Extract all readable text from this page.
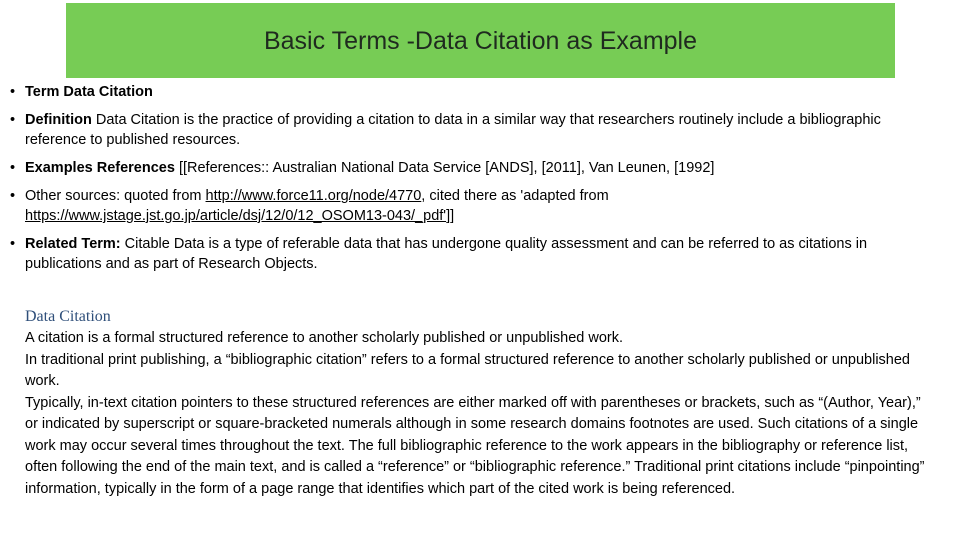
Basic Terms -Data Citation as Example
• Term Data Citation
• Definition Data Citation is the practice of providing a citation to data in a similar way that researchers routinely include a bibliographic reference to published resources.
• Examples References [[References:: Australian National Data Service [ANDS], [2011], Van Leunen, [1992]
• Other sources: quoted from http://www.force11.org/node/4770, cited there as 'adapted from https://www.jstage.jst.go.jp/article/dsj/12/0/12_OSOM13-043/_pdf']]
• Related Term: Citable Data is a type of referable data that has undergone quality assessment and can be referred to as citations in publications and as part of Research Objects.
Data Citation

A citation is a formal structured reference to another scholarly published or unpublished work.

In traditional print publishing, a “bibliographic citation” refers to a formal structured reference to another scholarly published or unpublished work.

Typically, in-text citation pointers to these structured references are either marked off with parentheses or brackets, such as “(Author, Year),” or indicated by superscript or square-bracketed numerals although in some research domains footnotes are used. Such citations of a single work may occur several times throughout the text. The full bibliographic reference to the work appears in the bibliography or reference list, often following the end of the main text, and is called a “reference” or “bibliographic reference.” Traditional print citations include “pinpointing” information, typically in the form of a page range that identifies which part of the cited work is being referenced.
